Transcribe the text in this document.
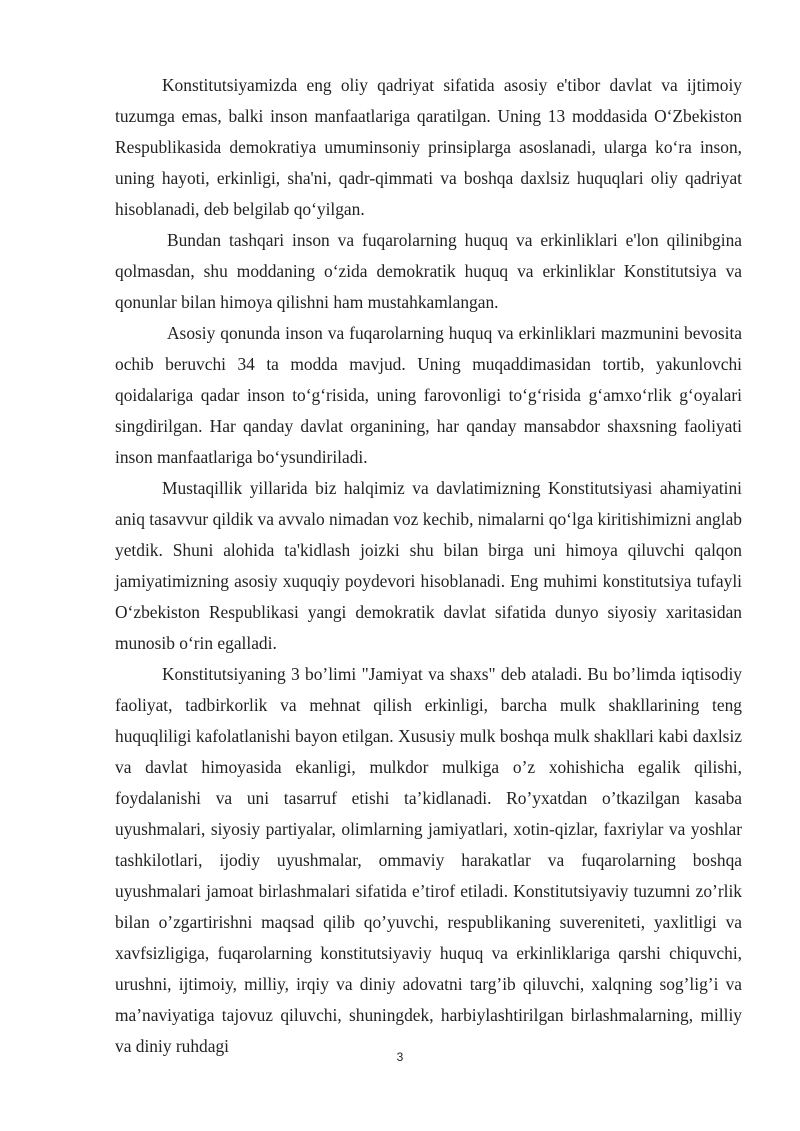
Konstitutsiyamizda eng oliy qadriyat sifatida asosiy e'tibor davlat va ijtimoiy tuzumga emas, balki inson manfaatlariga qaratilgan. Uning 13 moddasida O‘Zbekiston Respublikasida demokratiya umuminsoniy prinsiplarga asoslanadi, ularga ko‘ra inson, uning hayoti, erkinligi, sha'ni, qadr-qimmati va boshqa daxlsiz huquqlari oliy qadriyat hisoblanadi, deb belgilab qo‘yilgan.

Bundan tashqari inson va fuqarolarning huquq va erkinliklari e'lon qilinibgina qolmasdan, shu moddaning o‘zida demokratik huquq va erkinliklar Konstitutsiya va qonunlar bilan himoya qilishni ham mustahkamlangan.

Asosiy qonunda inson va fuqarolarning huquq va erkinliklari mazmunini bevosita ochib beruvchi 34 ta modda mavjud. Uning muqaddimasidan tortib, yakunlovchi qoidalariga qadar inson to‘g‘risida, uning farovonligi to‘g‘risida g‘amxo‘rlik g‘oyalari singdirilgan. Har qanday davlat organining, har qanday mansabdor shaxsning faoliyati inson manfaatlariga bo‘ysundiriladi.

Mustaqillik yillarida biz halqimiz va davlatimizning Konstitutsiyasi ahamiyatini aniq tasavvur qildik va avvalo nimadan voz kechib, nimalarni qo‘lga kiritishimizni anglab yetdik. Shuni alohida ta'kidlash joizki shu bilan birga uni himoya qiluvchi qalqon jamiyatimizning asosiy xuquqiy poydevori hisoblanadi. Eng muhimi konstitutsiya tufayli O‘zbekiston Respublikasi yangi demokratik davlat sifatida dunyo siyosiy xaritasidan munosib o‘rin egalladi.

Konstitutsiyaning 3 bo’limi "Jamiyat va shaxs" deb ataladi. Bu bo’limda iqtisodiy faoliyat, tadbirkorlik va mehnat qilish erkinligi, barcha mulk shakllarining teng huquqliligi kafolatlanishi bayon etilgan. Xususiy mulk boshqa mulk shakllari kabi daxlsiz va davlat himoyasida ekanligi, mulkdor mulkiga o’z xohishicha egalik qilishi, foydalanishi va uni tasarruf etishi ta’kidlanadi. Ro’yxatdan o’tkazilgan kasaba uyushmalari, siyosiy partiyalar, olimlarning jamiyatlari, xotin-qizlar, faxriylar va yoshlar tashkilotlari, ijodiy uyushmalar, ommaviy harakatlar va fuqarolarning boshqa uyushmalari jamoat birlashmalari sifatida e’tirof etiladi. Konstitutsiyaviy tuzumni zo’rlik bilan o’zgartirishni maqsad qilib qo’yuvchi, respublikaning suvereniteti, yaxlitligi va xavfsizligiga, fuqarolarning konstitutsiyaviy huquq va erkinliklariga qarshi chiquvchi, urushni, ijtimoiy, milliy, irqiy va diniy adovatni targ’ib qiluvchi, xalqning sog’lig’i va ma’naviyatiga tajovuz qiluvchi, shuningdek, harbiylashtirilgan birlashmalarning, milliy va diniy ruhdagi

3
